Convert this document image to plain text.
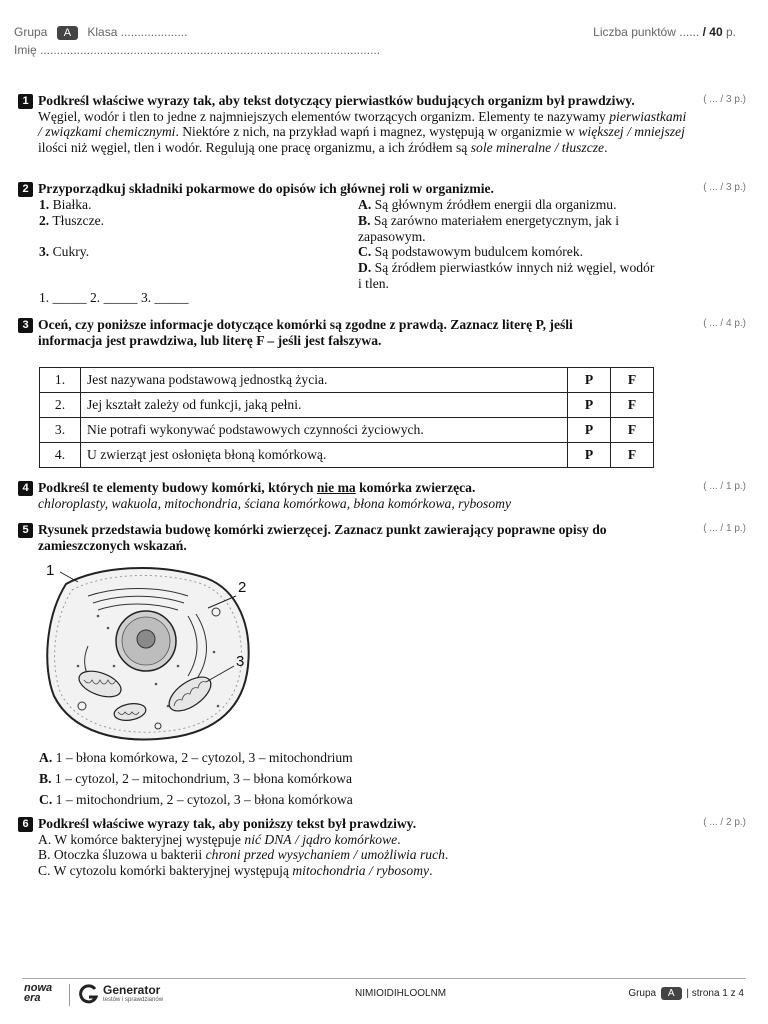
Grupa A Klasa ....................
Imię ......................................................................................................
Liczba punktów ...... / 40 p.
1	( ... / 3 p.)
Podkreśl właściwe wyrazy tak, aby tekst dotyczący pierwiastków budujących organizm był prawdziwy.
Węgiel, wodór i tlen to jedne z najmniejszych elementów tworzących organizm. Elementy te nazywamy pierwiastkami / związkami chemicznymi. Niektóre z nich, na przykład wapń i magnez, występują w organizmie w większej / mniejszej ilości niż węgiel, tlen i wodór. Regulują one pracę organizmu, a ich źródłem są sole mineralne / tłuszcze.
2	( ... / 3 p.)
Przyporządkuj składniki pokarmowe do opisów ich głównej roli w organizmie.
1. Białka.
2. Tłuszcze.
3. Cukry.
A. Są głównym źródłem energii dla organizmu.
B. Są zarówno materiałem energetycznym, jak i zapasowym.
C. Są podstawowym budulcem komórek.
D. Są źródłem pierwiastków innych niż węgiel, wodór i tlen.
1. _____ 2. _____ 3. _____
3	( ... / 4 p.)
Oceń, czy poniższe informacje dotyczące komórki są zgodne z prawdą. Zaznacz literę P, jeśli informacja jest prawdziwa, lub literę F – jeśli jest fałszywa.
1.	Jest nazywana podstawową jednostką życia.	P	F
2.	Jej kształt zależy od funkcji, jaką pełni.	P	F
3.	Nie potrafi wykonywać podstawowych czynności życiowych.	P	F
4.	U zwierząt jest osłonięta błoną komórkową.	P	F
4	( ... / 1 p.)
Podkreśl te elementy budowy komórki, których nie ma komórka zwierzęca.
chloroplasty, wakuola, mitochondria, ściana komórkowa, błona komórkowa, rybosomy
5	( ... / 1 p.)
Rysunek przedstawia budowę komórki zwierzęcej. Zaznacz punkt zawierający poprawne opisy do zamieszczonych wskazań.
1
2
3
A. 1 – błona komórkowa, 2 – cytozol, 3 – mitochondrium
B. 1 – cytozol, 2 – mitochondrium, 3 – błona komórkowa
C. 1 – mitochondrium, 2 – cytozol, 3 – błona komórkowa
6	( ... / 2 p.)
Podkreśl właściwe wyrazy tak, aby poniższy tekst był prawdziwy.
A. W komórce bakteryjnej występuje nić DNA / jądro komórkowe.
B. Otoczka śluzowa u bakterii chroni przed wysychaniem / umożliwia ruch.
C. W cytozolu komórki bakteryjnej występują mitochondria / rybosomy.
nowa era
Generator
testów i sprawdzianów
NIMIOIDIHLOOLNM	Grupa A | strona 1 z 4
